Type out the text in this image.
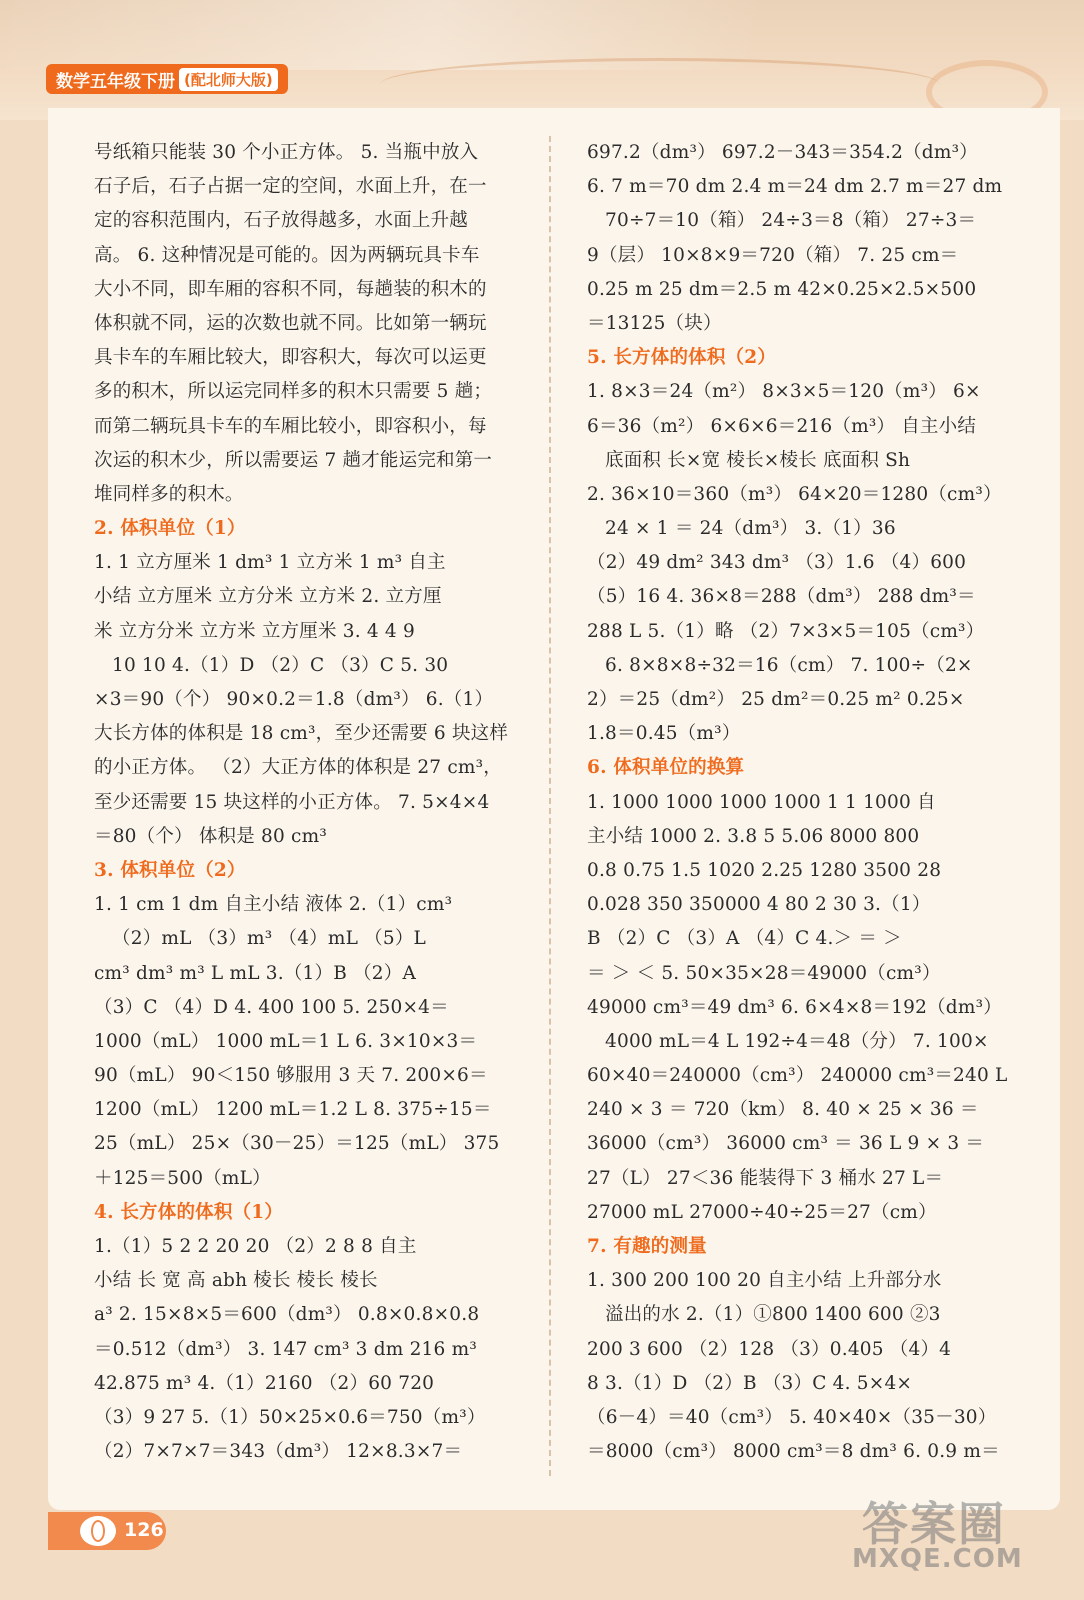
数学五年级下册 (配北师大版)
号纸箱只能装 30 个小正方体。 5. 当瓶中放入
石子后，石子占据一定的空间，水面上升，在一
定的容积范围内，石子放得越多，水面上升越
高。 6. 这种情况是可能的。因为两辆玩具卡车
大小不同，即车厢的容积不同，每趟装的积木的
体积就不同，运的次数也就不同。比如第一辆玩
具卡车的车厢比较大，即容积大，每次可以运更
多的积木，所以运完同样多的积木只需要 5 趟；
而第二辆玩具卡车的车厢比较小，即容积小，每
次运的积木少，所以需要运 7 趟才能运完和第一
堆同样多的积木。
2. 体积单位（1）
1. 1 立方厘米 1 dm³ 1 立方米 1 m³ 自主
小结 立方厘米 立方分米 立方米 2. 立方厘
米 立方分米 立方米 立方厘米 3. 4 4 9
10 10 4.（1）D （2）C （3）C 5. 30
×3＝90（个） 90×0.2＝1.8（dm³） 6.（1）
大长方体的体积是 18 cm³，至少还需要 6 块这样
的小正方体。 （2）大正方体的体积是 27 cm³，
至少还需要 15 块这样的小正方体。 7. 5×4×4
＝80（个） 体积是 80 cm³
3. 体积单位（2）
1. 1 cm 1 dm 自主小结 液体 2.（1）cm³
（2）mL （3）m³ （4）mL （5）L
cm³ dm³ m³ L mL 3.（1）B （2）A
（3）C （4）D 4. 400 100 5. 250×4＝
1000（mL） 1000 mL＝1 L 6. 3×10×3＝
90（mL） 90＜150 够服用 3 天 7. 200×6＝
1200（mL） 1200 mL＝1.2 L 8. 375÷15＝
25（mL） 25×（30－25）＝125（mL） 375
＋125＝500（mL）
4. 长方体的体积（1）
1.（1）5 2 2 20 20 （2）2 8 8 自主
小结 长 宽 高 abh 棱长 棱长 棱长
a³ 2. 15×8×5＝600（dm³） 0.8×0.8×0.8
＝0.512（dm³） 3. 147 cm³ 3 dm 216 m³
42.875 m³ 4.（1）2160 （2）60 720
（3）9 27 5.（1）50×25×0.6＝750（m³）
（2）7×7×7＝343（dm³） 12×8.3×7＝
697.2（dm³） 697.2－343＝354.2（dm³）
6. 7 m＝70 dm 2.4 m＝24 dm 2.7 m＝27 dm
70÷7＝10（箱） 24÷3＝8（箱） 27÷3＝
9（层） 10×8×9＝720（箱） 7. 25 cm＝
0.25 m 25 dm＝2.5 m 42×0.25×2.5×500
＝13125（块）
5. 长方体的体积（2）
1. 8×3＝24（m²） 8×3×5＝120（m³） 6×
6＝36（m²） 6×6×6＝216（m³） 自主小结
底面积 长×宽 棱长×棱长 底面积 Sh
2. 36×10＝360（m³） 64×20＝1280（cm³）
24 × 1 ＝ 24（dm³） 3.（1）36
（2）49 dm² 343 dm³ （3）1.6 （4）600
（5）16 4. 36×8＝288（dm³） 288 dm³＝
288 L 5.（1）略 （2）7×3×5＝105（cm³）
6. 8×8×8÷32＝16（cm） 7. 100÷（2×
2）＝25（dm²） 25 dm²＝0.25 m² 0.25×
1.8＝0.45（m³）
6. 体积单位的换算
1. 1000 1000 1000 1000 1 1 1000 自
主小结 1000 2. 3.8 5 5.06 8000 800
0.8 0.75 1.5 1020 2.25 1280 3500 28
0.028 350 350000 4 80 2 30 3.（1）
B （2）C （3）A （4）C 4.＞ ＝ ＞
＝ ＞ ＜ 5. 50×35×28＝49000（cm³）
49000 cm³＝49 dm³ 6. 6×4×8＝192（dm³）
4000 mL＝4 L 192÷4＝48（分） 7. 100×
60×40＝240000（cm³） 240000 cm³＝240 L
240 × 3 ＝ 720（km） 8. 40 × 25 × 36 ＝
36000（cm³） 36000 cm³ ＝ 36 L 9 × 3 ＝
27（L） 27＜36 能装得下 3 桶水 27 L＝
27000 mL 27000÷40÷25＝27（cm）
7. 有趣的测量
1. 300 200 100 20 自主小结 上升部分水
溢出的水 2.（1）①800 1400 600 ②3
200 3 600 （2）128 （3）0.405 （4）4
8 3.（1）D （2）B （3）C 4. 5×4×
（6－4）＝40（cm³） 5. 40×40×（35－30）
＝8000（cm³） 8000 cm³＝8 dm³ 6. 0.9 m＝
126	答案圈
MXQE.COM
